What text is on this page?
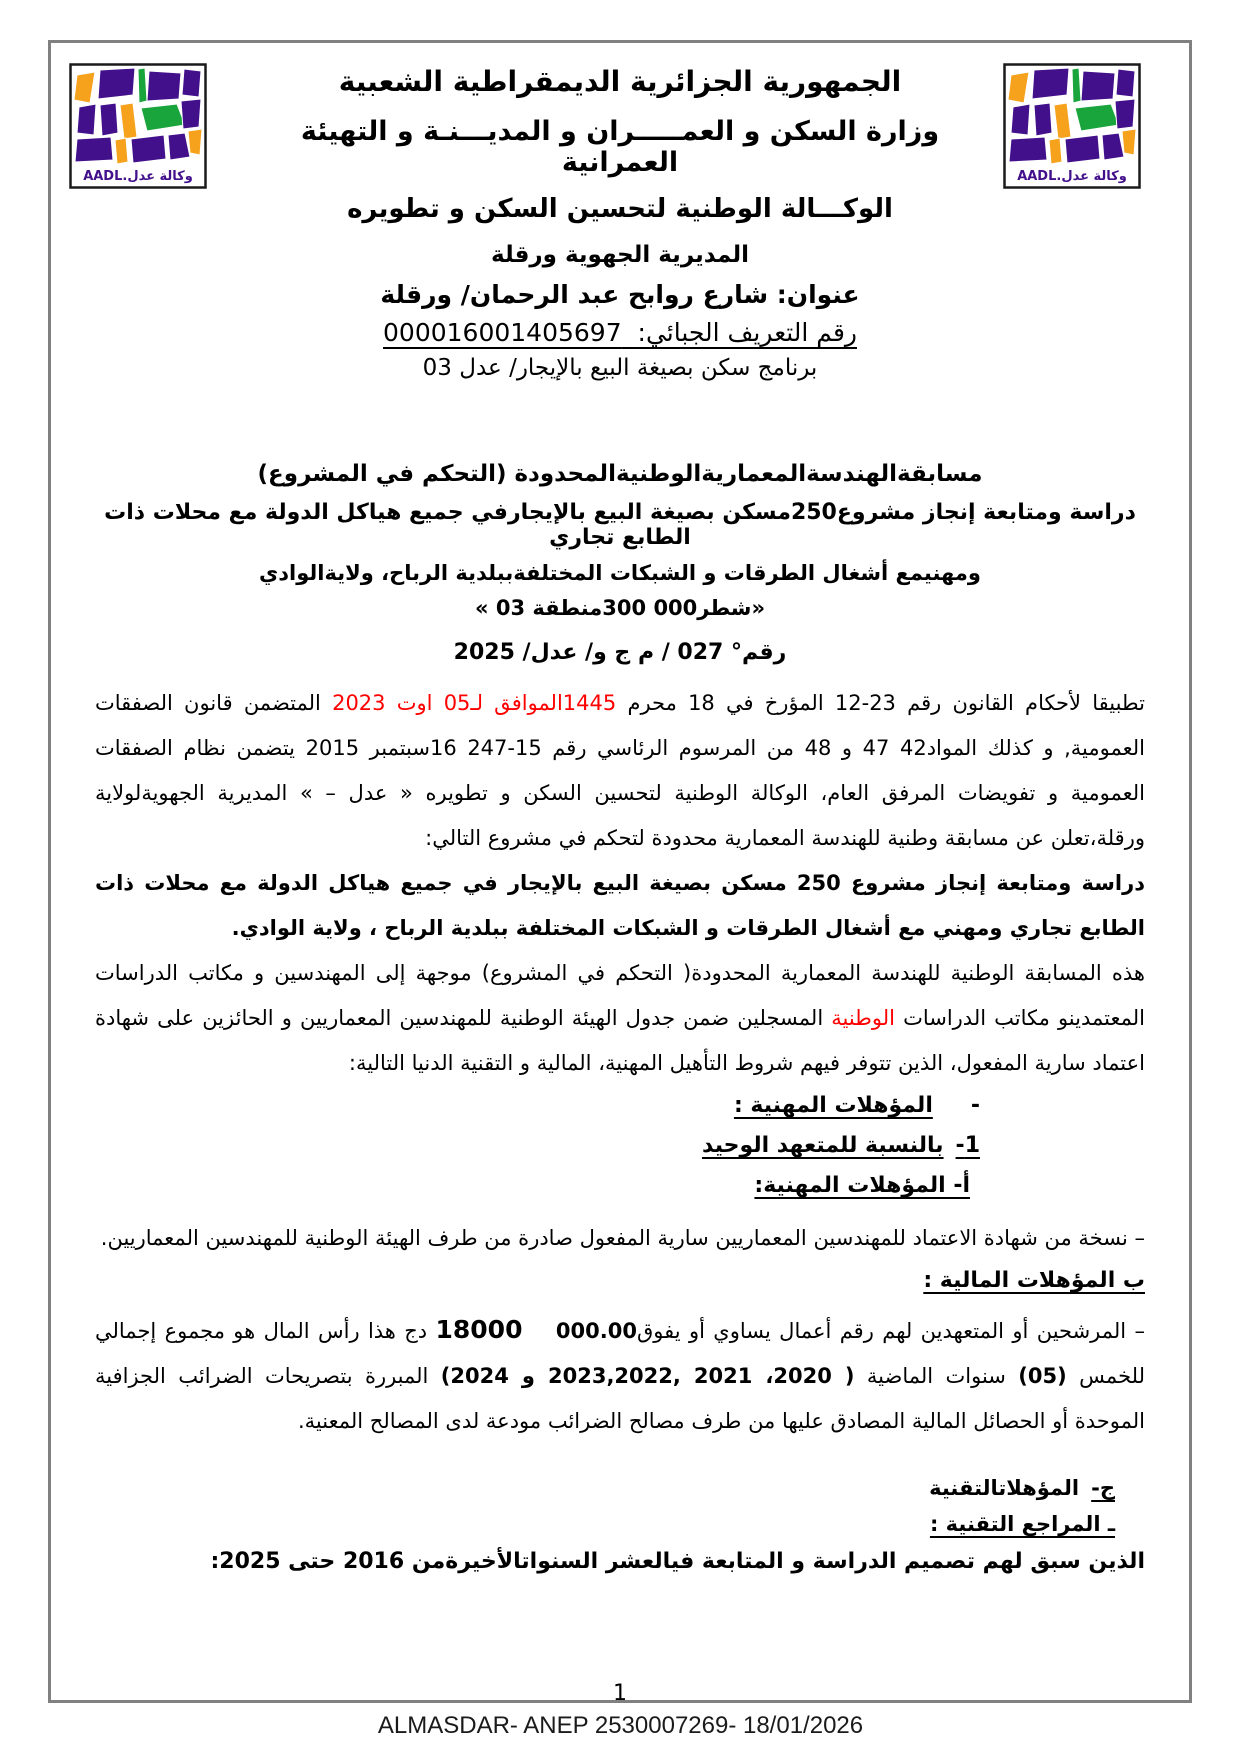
وكالة عدل.AADL
وكالة عدل.AADL
الجمهورية الجزائرية الديمقراطية الشعبية
وزارة السكن و العمـــــران و المديـــنـة و التهيئة العمرانية
الوكـــالة الوطنية لتحسين السكن و تطويره
المديرية الجهوية ورقلة
عنوان: شارع روابح عبد الرحمان/ ورقلة
رقم التعريف الجبائي:  000016001405697
برنامج سكن بصيغة البيع بالإيجار/ عدل 03
مسابقةالهندسةالمعماريةالوطنيةالمحدودة (التحكم في المشروع)
دراسة ومتابعة إنجاز مشروع250مسكن بصيغة البيع بالإيجارفي جميع هياكل الدولة مع محلات ذات الطابع تجاري
ومهنيمع أشغال الطرقات و الشبكات المختلفةببلدية الرباح، ولايةالوادي
«شطر000 300منطقة 03 »
رقم° 027 / م ج و/ عدل/ 2025

تطبيقا لأحكام القانون رقم 23-12 المؤرخ في 18 محرم 1445الموافق لـ05 اوت 2023 المتضمن قانون الصفقات العمومية, و كذلك المواد42 47 و 48 من المرسوم الرئاسي رقم 15-247 16سبتمبر 2015 يتضمن نظام الصفقات العمومية و تفويضات المرفق العام، الوكالة الوطنية لتحسين السكن و تطويره « عدل – » المديرية الجهويةلولاية ورقلة،تعلن عن مسابقة وطنية للهندسة المعمارية محدودة لتحكم في مشروع التالي:

دراسة ومتابعة إنجاز مشروع 250 مسكن بصيغة البيع بالإيجار في جميع هياكل الدولة مع محلات ذات الطابع تجاري ومهني مع أشغال الطرقات و الشبكات المختلفة ببلدية الرباح ، ولاية الوادي.

هذه المسابقة الوطنية للهندسة المعمارية المحدودة( التحكم في المشروع) موجهة إلى المهندسين و مكاتب الدراسات المعتمدينو مكاتب الدراسات الوطنية المسجلين ضمن جدول الهيئة الوطنية للمهندسين المعماريين و الحائزين على شهادة اعتماد سارية المفعول، الذين تتوفر فيهم شروط التأهيل المهنية، المالية و التقنية الدنيا التالية:

-المؤهلات المهنية :

1-بالنسبة للمتعهد الوحيد

أ- المؤهلات المهنية:

– نسخة من شهادة الاعتماد للمهندسين المعماريين سارية المفعول صادرة من طرف الهيئة الوطنية للمهندسين المعماريين.

ب المؤهلات المالية :

– المرشحين أو المتعهدين لهم رقم أعمال يساوي أو يفوق000.00    18000 دج هذا رأس المال هو مجموع إجمالي للخمس (05) سنوات الماضية ( 2020، 2021 ,2023,2022 و 2024) المبررة بتصريحات الضرائب الجزافية الموحدة أو الحصائل المالية المصادق عليها من طرف مصالح الضرائب مودعة لدى المصالح المعنية.

ج-المؤهلاتالتقنية

ـ المراجع التقنية :

الذين سبق لهم تصميم الدراسة و المتابعة فيالعشر السنواتالأخيرةمن 2016 حتى 2025:

1
ALMASDAR- ANEP 2530007269- 18/01/2026
